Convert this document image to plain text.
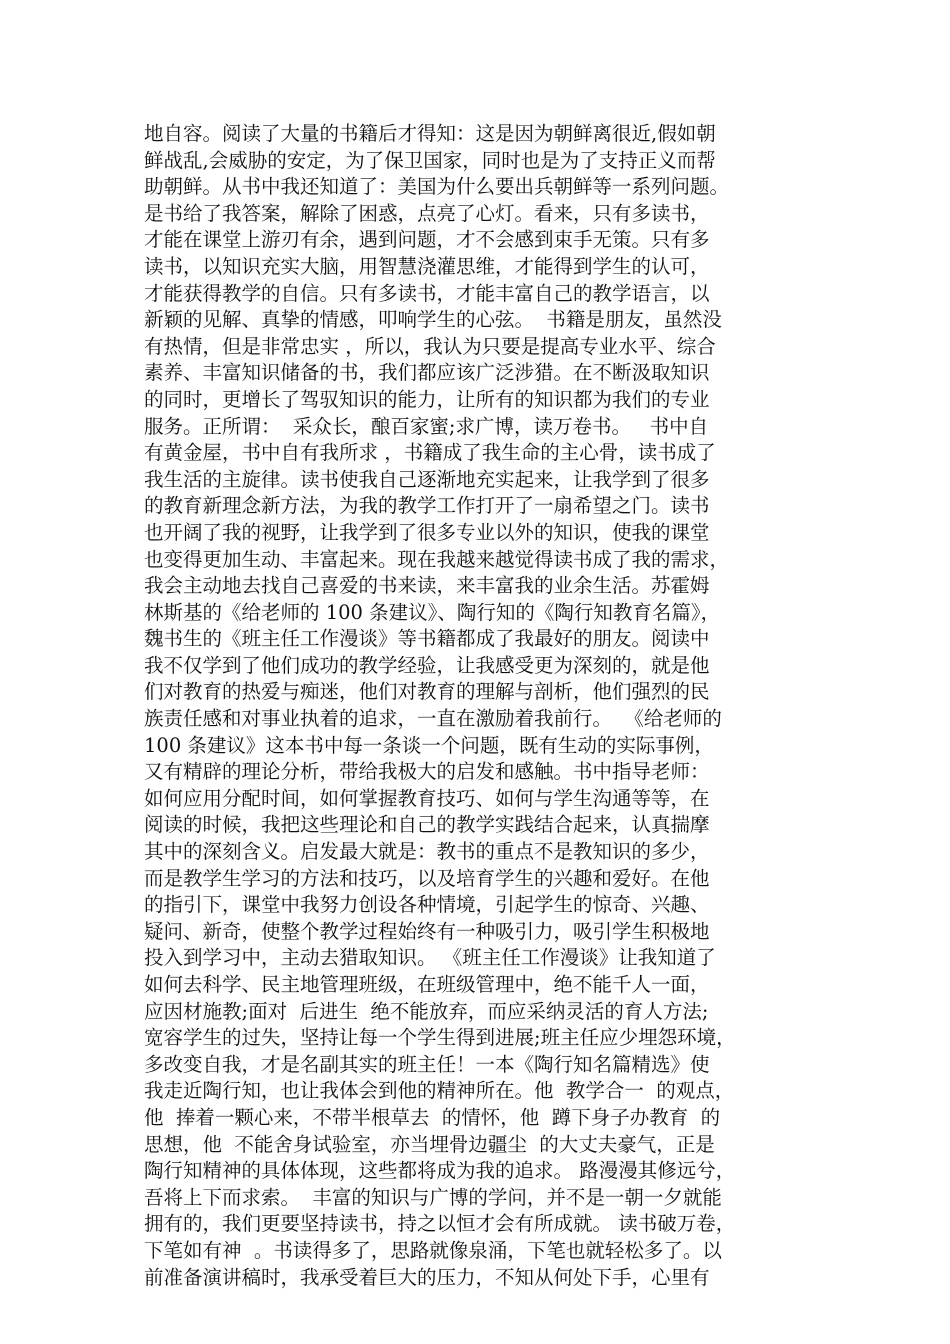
地自容。阅读了大量的书籍后才得知：这是因为朝鲜离很近,假如朝
鲜战乱,会威胁的安定，为了保卫国家，同时也是为了支持正义而帮
助朝鲜。从书中我还知道了：美国为什么要出兵朝鲜等一系列问题。
是书给了我答案，解除了困惑，点亮了心灯。看来，只有多读书，
才能在课堂上游刃有余，遇到问题，才不会感到束手无策。只有多
读书，以知识充实大脑，用智慧浇灌思维，才能得到学生的认可，
才能获得教学的自信。只有多读书，才能丰富自己的教学语言，以
新颖的见解、真挚的情感，叩响学生的心弦。  书籍是朋友，虽然没
有热情，但是非常忠实 ，所以，我认为只要是提高专业水平、综合
素养、丰富知识储备的书，我们都应该广泛涉猎。在不断汲取知识
的同时，更增长了驾驭知识的能力，让所有的知识都为我们的专业
服务。正所谓：  采众长，酿百家蜜;求广博，读万卷书。   书中自
有黄金屋，书中自有我所求 ，书籍成了我生命的主心骨，读书成了
我生活的主旋律。读书使我自己逐渐地充实起来，让我学到了很多
的教育新理念新方法，为我的教学工作打开了一扇希望之门。读书
也开阔了我的视野，让我学到了很多专业以外的知识，使我的课堂
也变得更加生动、丰富起来。现在我越来越觉得读书成了我的需求，
我会主动地去找自己喜爱的书来读，来丰富我的业余生活。苏霍姆
林斯基的《给老师的 100 条建议》、陶行知的《陶行知教育名篇》，
魏书生的《班主任工作漫谈》等书籍都成了我最好的朋友。阅读中
我不仅学到了他们成功的教学经验，让我感受更为深刻的，就是他
们对教育的热爱与痴迷，他们对教育的理解与剖析，他们强烈的民
族责任感和对事业执着的追求，一直在激励着我前行。  《给老师的
100 条建议》这本书中每一条谈一个问题，既有生动的实际事例，
又有精辟的理论分析，带给我极大的启发和感触。书中指导老师：
如何应用分配时间，如何掌握教育技巧、如何与学生沟通等等，在
阅读的时候，我把这些理论和自己的教学实践结合起来，认真揣摩
其中的深刻含义。启发最大就是：教书的重点不是教知识的多少，
而是教学生学习的方法和技巧，以及培育学生的兴趣和爱好。在他
的指引下，课堂中我努力创设各种情境，引起学生的惊奇、兴趣、
疑问、新奇，使整个教学过程始终有一种吸引力，吸引学生积极地
投入到学习中，主动去猎取知识。 《班主任工作漫谈》让我知道了
如何去科学、民主地管理班级，在班级管理中，绝不能千人一面，
应因材施教;面对  后进生  绝不能放弃，而应采纳灵活的育人方法;
宽容学生的过失，坚持让每一个学生得到进展;班主任应少埋怨环境，
多改变自我，才是名副其实的班主任！一本《陶行知名篇精选》使
我走近陶行知，也让我体会到他的精神所在。他  教学合一  的观点，
他  捧着一颗心来，不带半根草去  的情怀，他  蹲下身子办教育  的
思想，他  不能舍身试验室，亦当埋骨边疆尘  的大丈夫豪气，正是
陶行知精神的具体体现，这些都将成为我的追求。 路漫漫其修远兮，
吾将上下而求索。  丰富的知识与广博的学问，并不是一朝一夕就能
拥有的，我们更要坚持读书，持之以恒才会有所成就。 读书破万卷，
下笔如有神  。书读得多了，思路就像泉涌，下笔也就轻松多了。以
前准备演讲稿时，我承受着巨大的压力，不知从何处下手，心里有
